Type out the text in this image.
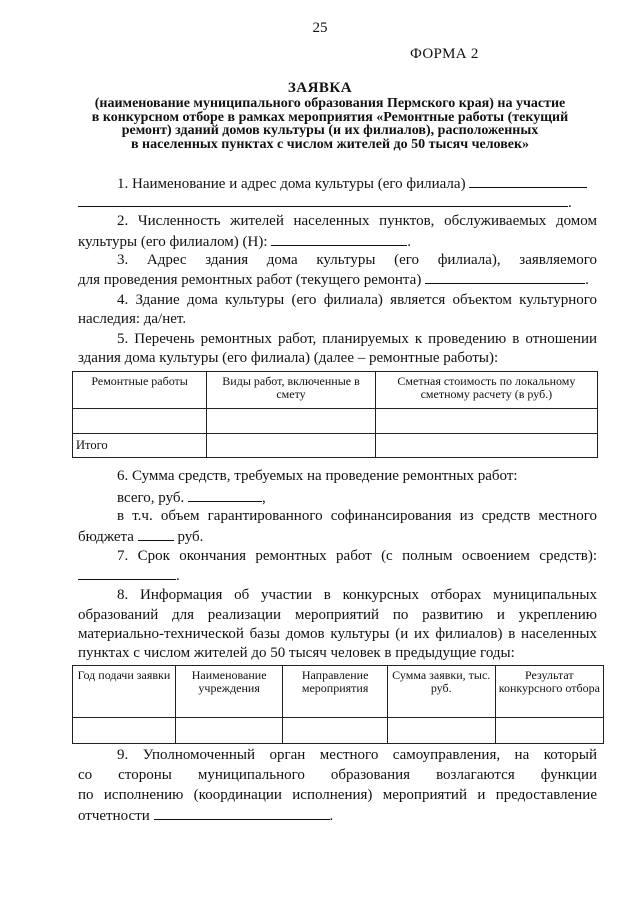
25
ФОРМА 2
ЗАЯВКА
(наименование муниципального образования Пермского края) на участие
в конкурсном отборе в рамках мероприятия «Ремонтные работы (текущий
ремонт) зданий домов культуры (и их филиалов), расположенных
в населенных пунктах с числом жителей до 50 тысяч человек»
1. Наименование и адрес дома культуры (его филиала)
.
2. Численность жителей населенных пунктов, обслуживаемых домом
культуры (его филиалом) (Н):	.
3. Адрес здания дома культуры (его филиала), заявляемого
для проведения ремонтных работ (текущего ремонта)	.
4. Здание дома культуры (его филиала) является объектом культурного
наследия: да/нет.
5. Перечень ремонтных работ, планируемых к проведению в отношении
здания дома культуры (его филиала) (далее – ремонтные работы):
Ремонтные работы	Виды работ, включенные в смету	Сметная стоимость по локальному сметному расчету (в руб.)

Итого		
6. Сумма средств, требуемых на проведение ремонтных работ:
всего, руб.	,
в т.ч. объем гарантированного софинансирования из средств местного
бюджета	руб.
7. Срок окончания ремонтных работ (с полным освоением средств):
.
8. Информация об участии в конкурсных отборах муниципальных
образований для реализации мероприятий по развитию и укреплению
материально-технической базы домов культуры (и их филиалов) в населенных
пунктах с числом жителей до 50 тысяч человек в предыдущие годы:
Год подачи заявки	Наименование учреждения	Направление мероприятия	Сумма заявки, тыс. руб.	Результат конкурсного отбора

9. Уполномоченный орган местного самоуправления, на который
со стороны муниципального образования возлагаются функции
по исполнению (координации исполнения) мероприятий и предоставление
отчетности	.
